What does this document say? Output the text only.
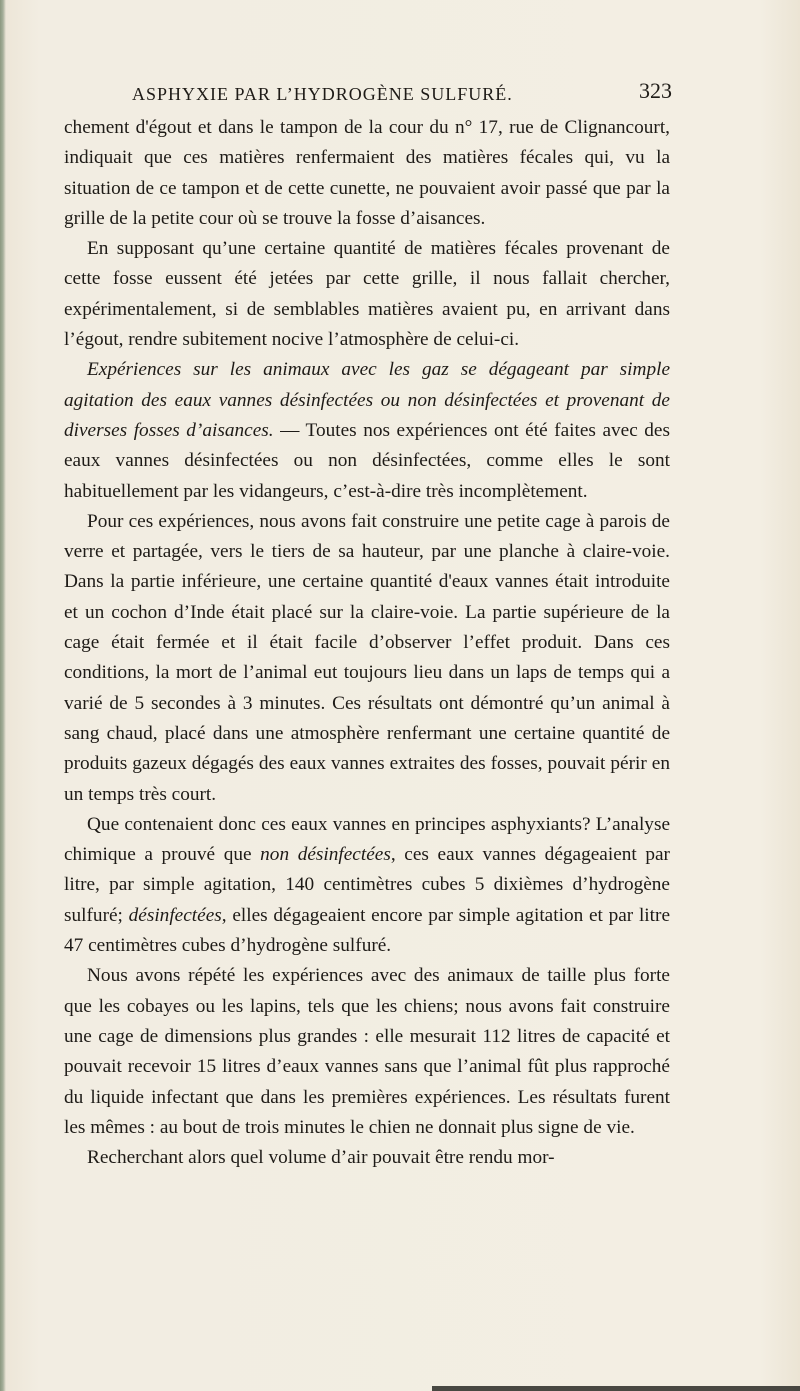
ASPHYXIE PAR L’HYDROGÈNE SULFURÉ.	323

chement d'égout et dans le tampon de la cour du n° 17, rue de Clignancourt, indiquait que ces matières renfermaient des matières fécales qui, vu la situation de ce tampon et de cette cunette, ne pouvaient avoir passé que par la grille de la petite cour où se trouve la fosse d’aisances.

En supposant qu’une certaine quantité de matières fécales provenant de cette fosse eussent été jetées par cette grille, il nous fallait chercher, expérimentalement, si de semblables matières avaient pu, en arrivant dans l’égout, rendre subitement nocive l’atmosphère de celui-ci.

Expériences sur les animaux avec les gaz se dégageant par simple agitation des eaux vannes désinfectées ou non désinfectées et provenant de diverses fosses d’aisances. — Toutes nos expériences ont été faites avec des eaux vannes désinfectées ou non désinfectées, comme elles le sont habituellement par les vidangeurs, c’est-à-dire très incomplètement.

Pour ces expériences, nous avons fait construire une petite cage à parois de verre et partagée, vers le tiers de sa hauteur, par une planche à claire-voie. Dans la partie inférieure, une certaine quantité d'eaux vannes était introduite et un cochon d’Inde était placé sur la claire-voie. La partie supérieure de la cage était fermée et il était facile d’observer l’effet produit. Dans ces conditions, la mort de l’animal eut toujours lieu dans un laps de temps qui a varié de 5 secondes à 3 minutes. Ces résultats ont démontré qu’un animal à sang chaud, placé dans une atmosphère renfermant une certaine quantité de produits gazeux dégagés des eaux vannes extraites des fosses, pouvait périr en un temps très court.

Que contenaient donc ces eaux vannes en principes asphyxiants? L’analyse chimique a prouvé que non désinfectées, ces eaux vannes dégageaient par litre, par simple agitation, 140 centimètres cubes 5 dixièmes d’hydrogène sulfuré; désinfectées, elles dégageaient encore par simple agitation et par litre 47 centimètres cubes d’hydrogène sulfuré.

Nous avons répété les expériences avec des animaux de taille plus forte que les cobayes ou les lapins, tels que les chiens; nous avons fait construire une cage de dimensions plus grandes : elle mesurait 112 litres de capacité et pouvait recevoir 15 litres d’eaux vannes sans que l’animal fût plus rapproché du liquide infectant que dans les premières expériences. Les résultats furent les mêmes : au bout de trois minutes le chien ne donnait plus signe de vie.

Recherchant alors quel volume d’air pouvait être rendu mor-
